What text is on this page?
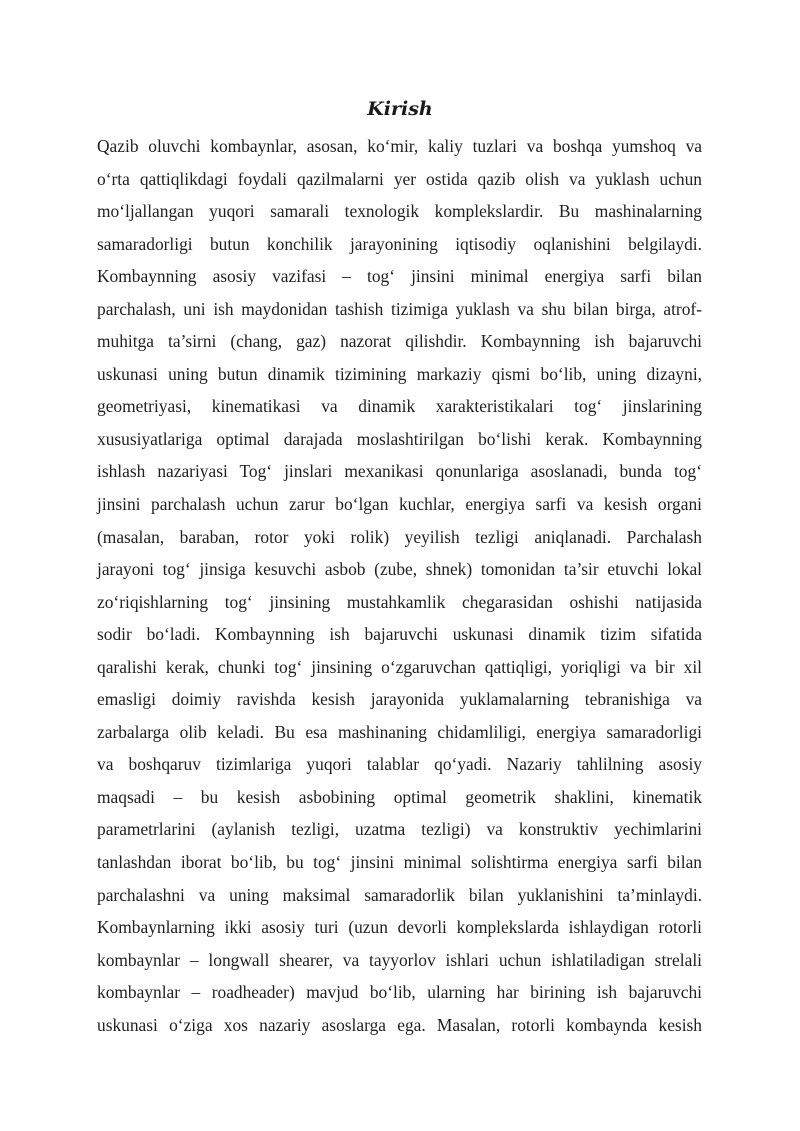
Kirish
Qazib oluvchi kombaynlar, asosan, ko‘mir, kaliy tuzlari va boshqa yumshoq va
o‘rta qattiqlikdagi foydali qazilmalarni yer ostida qazib olish va yuklash uchun
mo‘ljallangan yuqori samarali texnologik komplekslardir. Bu mashinalarning
samaradorligi butun konchilik jarayonining iqtisodiy oqlanishini belgilaydi.
Kombaynning asosiy vazifasi – tog‘ jinsini minimal energiya sarfi bilan
parchalash, uni ish maydonidan tashish tizimiga yuklash va shu bilan birga, atrof-
muhitga ta’sirni (chang, gaz) nazorat qilishdir. Kombaynning ish bajaruvchi
uskunasi uning butun dinamik tizimining markaziy qismi bo‘lib, uning dizayni,
geometriyasi, kinematikasi va dinamik xarakteristikalari tog‘ jinslarining
xususiyatlariga optimal darajada moslashtirilgan bo‘lishi kerak. Kombaynning
ishlash nazariyasi Tog‘ jinslari mexanikasi qonunlariga asoslanadi, bunda tog‘
jinsini parchalash uchun zarur bo‘lgan kuchlar, energiya sarfi va kesish organi
(masalan, baraban, rotor yoki rolik) yeyilish tezligi aniqlanadi. Parchalash
jarayoni tog‘ jinsiga kesuvchi asbob (zube, shnek) tomonidan ta’sir etuvchi lokal
zo‘riqishlarning tog‘ jinsining mustahkamlik chegarasidan oshishi natijasida
sodir bo‘ladi. Kombaynning ish bajaruvchi uskunasi dinamik tizim sifatida
qaralishi kerak, chunki tog‘ jinsining o‘zgaruvchan qattiqligi, yoriqligi va bir xil
emasligi doimiy ravishda kesish jarayonida yuklamalarning tebranishiga va
zarbalarga olib keladi. Bu esa mashinaning chidamliligi, energiya samaradorligi
va boshqaruv tizimlariga yuqori talablar qo‘yadi. Nazariy tahlilning asosiy
maqsadi – bu kesish asbobining optimal geometrik shaklini, kinematik
parametrlarini (aylanish tezligi, uzatma tezligi) va konstruktiv yechimlarini
tanlashdan iborat bo‘lib, bu tog‘ jinsini minimal solishtirma energiya sarfi bilan
parchalashni va uning maksimal samaradorlik bilan yuklanishini ta’minlaydi.
Kombaynlarning ikki asosiy turi (uzun devorli komplekslarda ishlaydigan rotorli
kombaynlar – longwall shearer, va tayyorlov ishlari uchun ishlatiladigan strelali
kombaynlar – roadheader) mavjud bo‘lib, ularning har birining ish bajaruvchi
uskunasi o‘ziga xos nazariy asoslarga ega. Masalan, rotorli kombaynda kesish
